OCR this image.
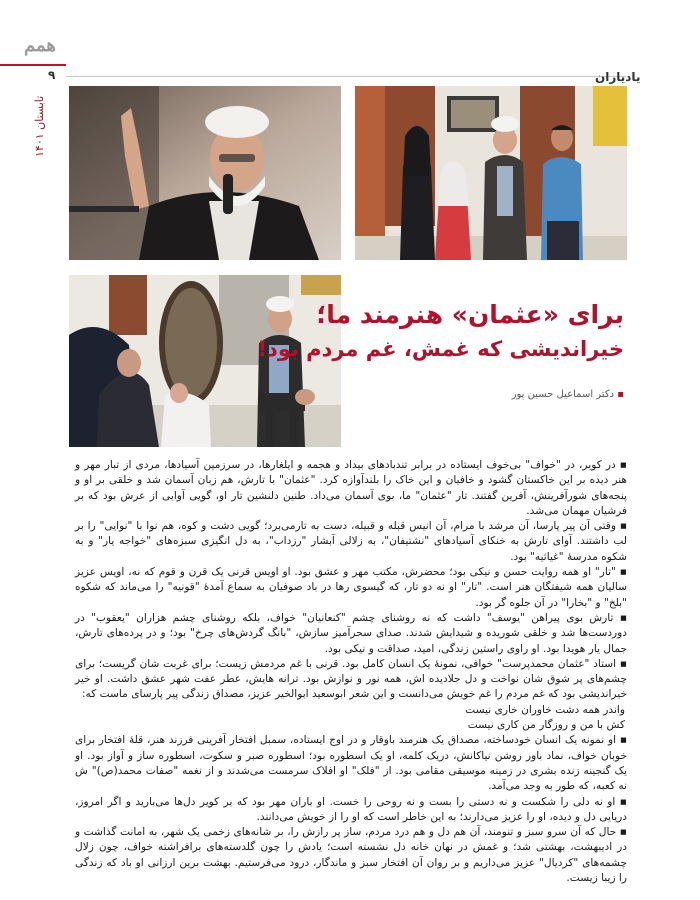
همم
۹	یادیاران
تابستان ۱۴۰۱
برای «عثمان» هنرمند ما؛
خیراندیشی که غمش، غم مردم بود!
▪ دکتر اسماعیل حسین پور

▪ در کویر، در "خواف" بی‌خوف ایستاده در برابر تندبادهای بیداد و هجمه و ایلغارها، در سرزمین آسیادها، مردی از تبار مهر و هنر دیده بر این خاکستان گشود و خافیان و این خاک را بلندآوازه کرد. "عثمان" با تارش، هم زبان آسمان شد و خلقی بر او و پنجه‌های شورآفرینش، آفرین گفتند. تار "عثمان" ما، بوی آسمان می‌داد. طنین دلنشین تار او، گویی آوایی از عرش بود که بر فرشیان مهمان می‌شد.

▪ وقتی آن پیر پارسا، آن مرشد با مرام، آن انیس قبله و قبیله، دست به تارمی‌برد؛ گویی دشت و کوه، هم نوا با "نوایی" را بر لب داشتند. آوای تارش به خنکای آسیادهای "نشتیفان"، به زلالی آبشار "رزداب"، به دل انگیزی سبزه‌های "خواجه یار" و به شکوه مدرسهٔ "غیاثیه" بود.

▪ "تار" او همه روایت حسن و نیکی بود؛ محضرش، مکتب مهر و عشق بود. او اویس قرنی یک قرن و قوم که نه، اویس عزیز سالیان همه شیفتگان هنر است. "تار" او نه دو تار، که گیسوی رها در باد صوفیان به سماع آمدهٔ "قونیه" را می‌ماند که شکوه "بلخ" و "بخارا" در آن جلوه گر بود.

▪ تارش بوی پیراهن "یوسف" داشت که نه روشنای چشم "کنعانیان" خواف، بلکه روشنای چشم هزاران "یعقوب" در دوردست‌ها شد و خلقی شوریده و شیدایش شدند. صدای سحرآمیز سازش، "بانگ گردش‌های چرخ" بود؛ و در پرده‌های تارش، جمال یار هویدا بود. او راوی راستین زندگی، امید، صداقت و نیکی بود.

▪ استاد "عثمان محمدپرست" خوافی، نمونهٔ یک انسان کامل بود. قرنی با غم مردمش زیست؛ برای غربت شان گریست؛ برای چشم‌های پر شوق شان نواخت و دل جلادیده اش، همه نور و نوازش بود. ترانه هایش، عطر عفت شهر عشق داشت. او خیر خیراندیشی بود که غم مردم را غم خویش می‌دانست و این شعر ابوسعید ابوالخیر عزیز، مصداق زندگی پیر پارسای ماست که:

واندر همه دشت خاوران خاری نیست

کش با من و روزگار من کاری نیست

▪ او نمونه یک انسان خودساخته، مصداق یک هنرمند باوقار و در اوج ایستاده، سمبل افتخار آفرینی فرزند هنر، قلهٔ افتخار برای خوبان خواف، نماد باور روشن نیاکانش، دریک کلمه، او یک اسطوره بود؛ اسطوره صبر و سکوت، اسطوره ساز و آواز بود. او یک گنجینه زنده بشری در زمینه موسیقی مقامی بود. از "فلک" او افلاک سرمست می‌شدند و از نغمه "صفات محمد(ص)" ش نه کعبه، که طور به وجد می‌آمد.

▪ او نه دلی را شکست و نه دستی را بست و نه روحی را خست. او باران مهر بود که بر کویر دل‌ها می‌بارید و اگر امروز، دریایی دل و دیده، او را عزیز می‌دارند؛ به این خاطر است که او را از خویش می‌دانند.

▪ حال که آن سرو سبز و تنومند، آن هم دل و هم درد مردم، ساز پر رازش را، بر شانه‌های زخمی یک شهر، به امانت گذاشت و در ادیبهشت، بهشتی شد؛ و غمش در نهان خانه دل نشسته است؛ یادش را چون گلدسته‌های برافراشته خواف، چون زلال چشمه‌های "کردیال" عزیز می‌داریم و بر روان آن افتخار سبز و ماندگار، درود می‌فرستیم. بهشت برین ارزانی او باد که زندگی را زیبا زیست.
